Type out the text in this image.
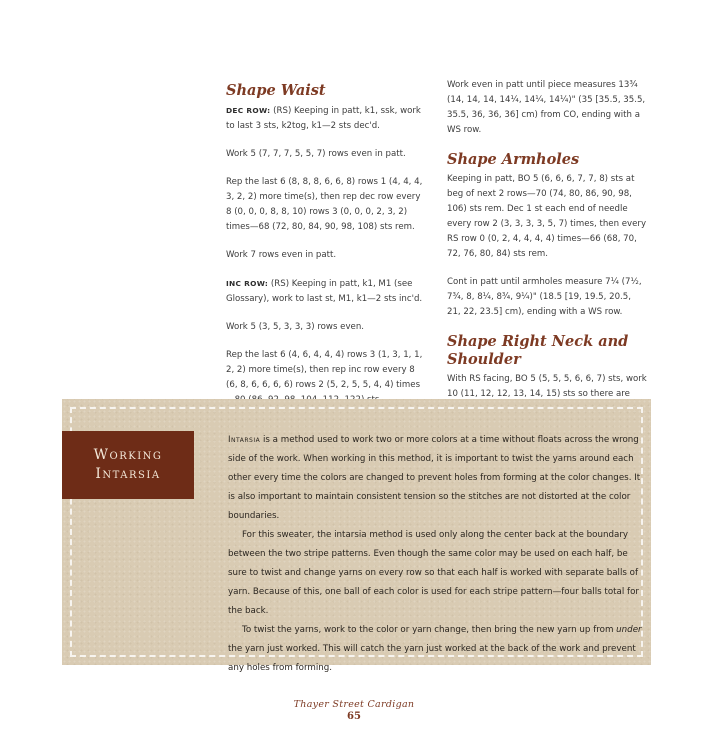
Shape Waist

DEC ROW: (RS) Keeping in patt, k1, ssk, work to last 3 sts, k2tog, k1—2 sts dec'd.

Work 5 (7, 7, 7, 5, 5, 7) rows even in patt.

Rep the last 6 (8, 8, 8, 6, 6, 8) rows 1 (4, 4, 4, 3, 2, 2) more time(s), then rep dec row every 8 (0, 0, 0, 8, 8, 10) rows 3 (0, 0, 0, 2, 3, 2) times—68 (72, 80, 84, 90, 98, 108) sts rem.

Work 7 rows even in patt.

INC ROW: (RS) Keeping in patt, k1, M1 (see Glossary), work to last st, M1, k1—2 sts inc'd.

Work 5 (3, 5, 3, 3, 3) rows even.

Rep the last 6 (4, 6, 4, 4, 4) rows 3 (1, 3, 1, 1, 2, 2) more time(s), then rep inc row every 8 (6, 8, 6, 6, 6, 6) rows 2 (5, 2, 5, 5, 4, 4) times

Work even in patt until piece measures 13¾ (14, 14, 14, 14¼, 14¼, 14¼)" (35 [35.5, 35.5, 35.5, 36, 36, 36] cm) from CO, ending with a WS row.

Shape Armholes

Keeping in patt, BO 5 (6, 6, 6, 7, 7, 8) sts at beg of next 2 rows—70 (74, 80, 86, 90, 98, 106) sts rem. Dec 1 st each end of needle every row 2 (3, 3, 3, 3, 5, 7) times, then every RS row 0 (0, 2, 4, 4, 4, 4) times—66 (68, 70, 72, 76, 80, 84) sts rem.

Cont in patt until armholes measure 7¼ (7½, 7¾, 8, 8¼, 8¾, 9¼)" (18.5 [19, 19.5, 20.5, 21, 22, 23.5] cm), ending with a WS row.

Shape Right Neck and Shoulder

With RS facing, BO 5 (5, 5, 5, 6, 6, 7) sts, work 10 (11, 12, 12, 13, 14, 15) sts so there are

Working
Intarsia

Intarsia is a method used to work two or more colors at a time without floats across the wrong side of the work. When working in this method, it is important to twist the yarns around each other every time the colors are changed to prevent holes from forming at the color changes. It is also important to maintain consistent tension so the stitches are not distorted at the color boundaries.

For this sweater, the intarsia method is used only along the center back at the boundary between the two stripe patterns. Even though the same color may be used on each half, be sure to twist and change yarns on every row so that each half is worked with separate balls of yarn. Because of this, one ball of each color is used for each stripe pattern—four balls total for the back.

To twist the yarns, work to the color or yarn change, then bring the new yarn up from under the yarn just worked. This will catch the yarn just worked at the back of the work and prevent any holes from forming.

Thayer Street Cardigan
65
